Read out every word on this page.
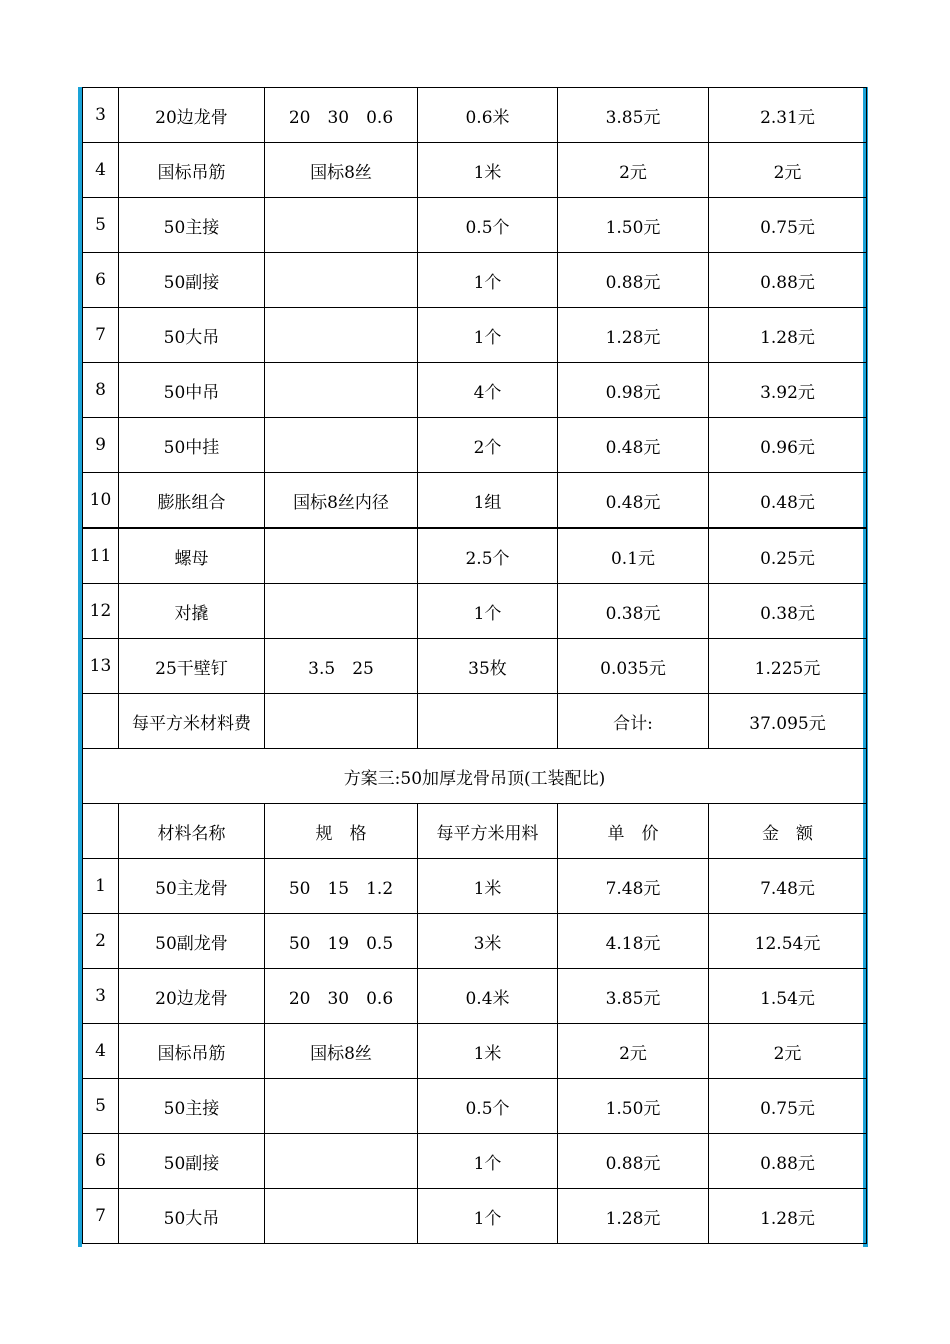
3	20边龙骨	20　30　0.6	0.6米	3.85元	2.31元
4	国标吊筋	国标8丝	1米	2元	2元
5	50主接		0.5个	1.50元	0.75元
6	50副接		1个	0.88元	0.88元
7	50大吊		1个	1.28元	1.28元
8	50中吊		4个	0.98元	3.92元
9	50中挂		2个	0.48元	0.96元
10	膨胀组合	国标8丝内径	1组	0.48元	0.48元
11	螺母		2.5个	0.1元	0.25元
12	对撬		1个	0.38元	0.38元
13	25干壁钉	3.5　25	35枚	0.035元	1.225元
	每平方米材料费			合计:	37.095元
方案三:50加厚龙骨吊顶(工装配比)					
	材料名称	规　格	每平方米用料	单　价	金　额
1	50主龙骨	50　15　1.2	1米	7.48元	7.48元
2	50副龙骨	50　19　0.5	3米	4.18元	12.54元
3	20边龙骨	20　30　0.6	0.4米	3.85元	1.54元
4	国标吊筋	国标8丝	1米	2元	2元
5	50主接		0.5个	1.50元	0.75元
6	50副接		1个	0.88元	0.88元
7	50大吊		1个	1.28元	1.28元
